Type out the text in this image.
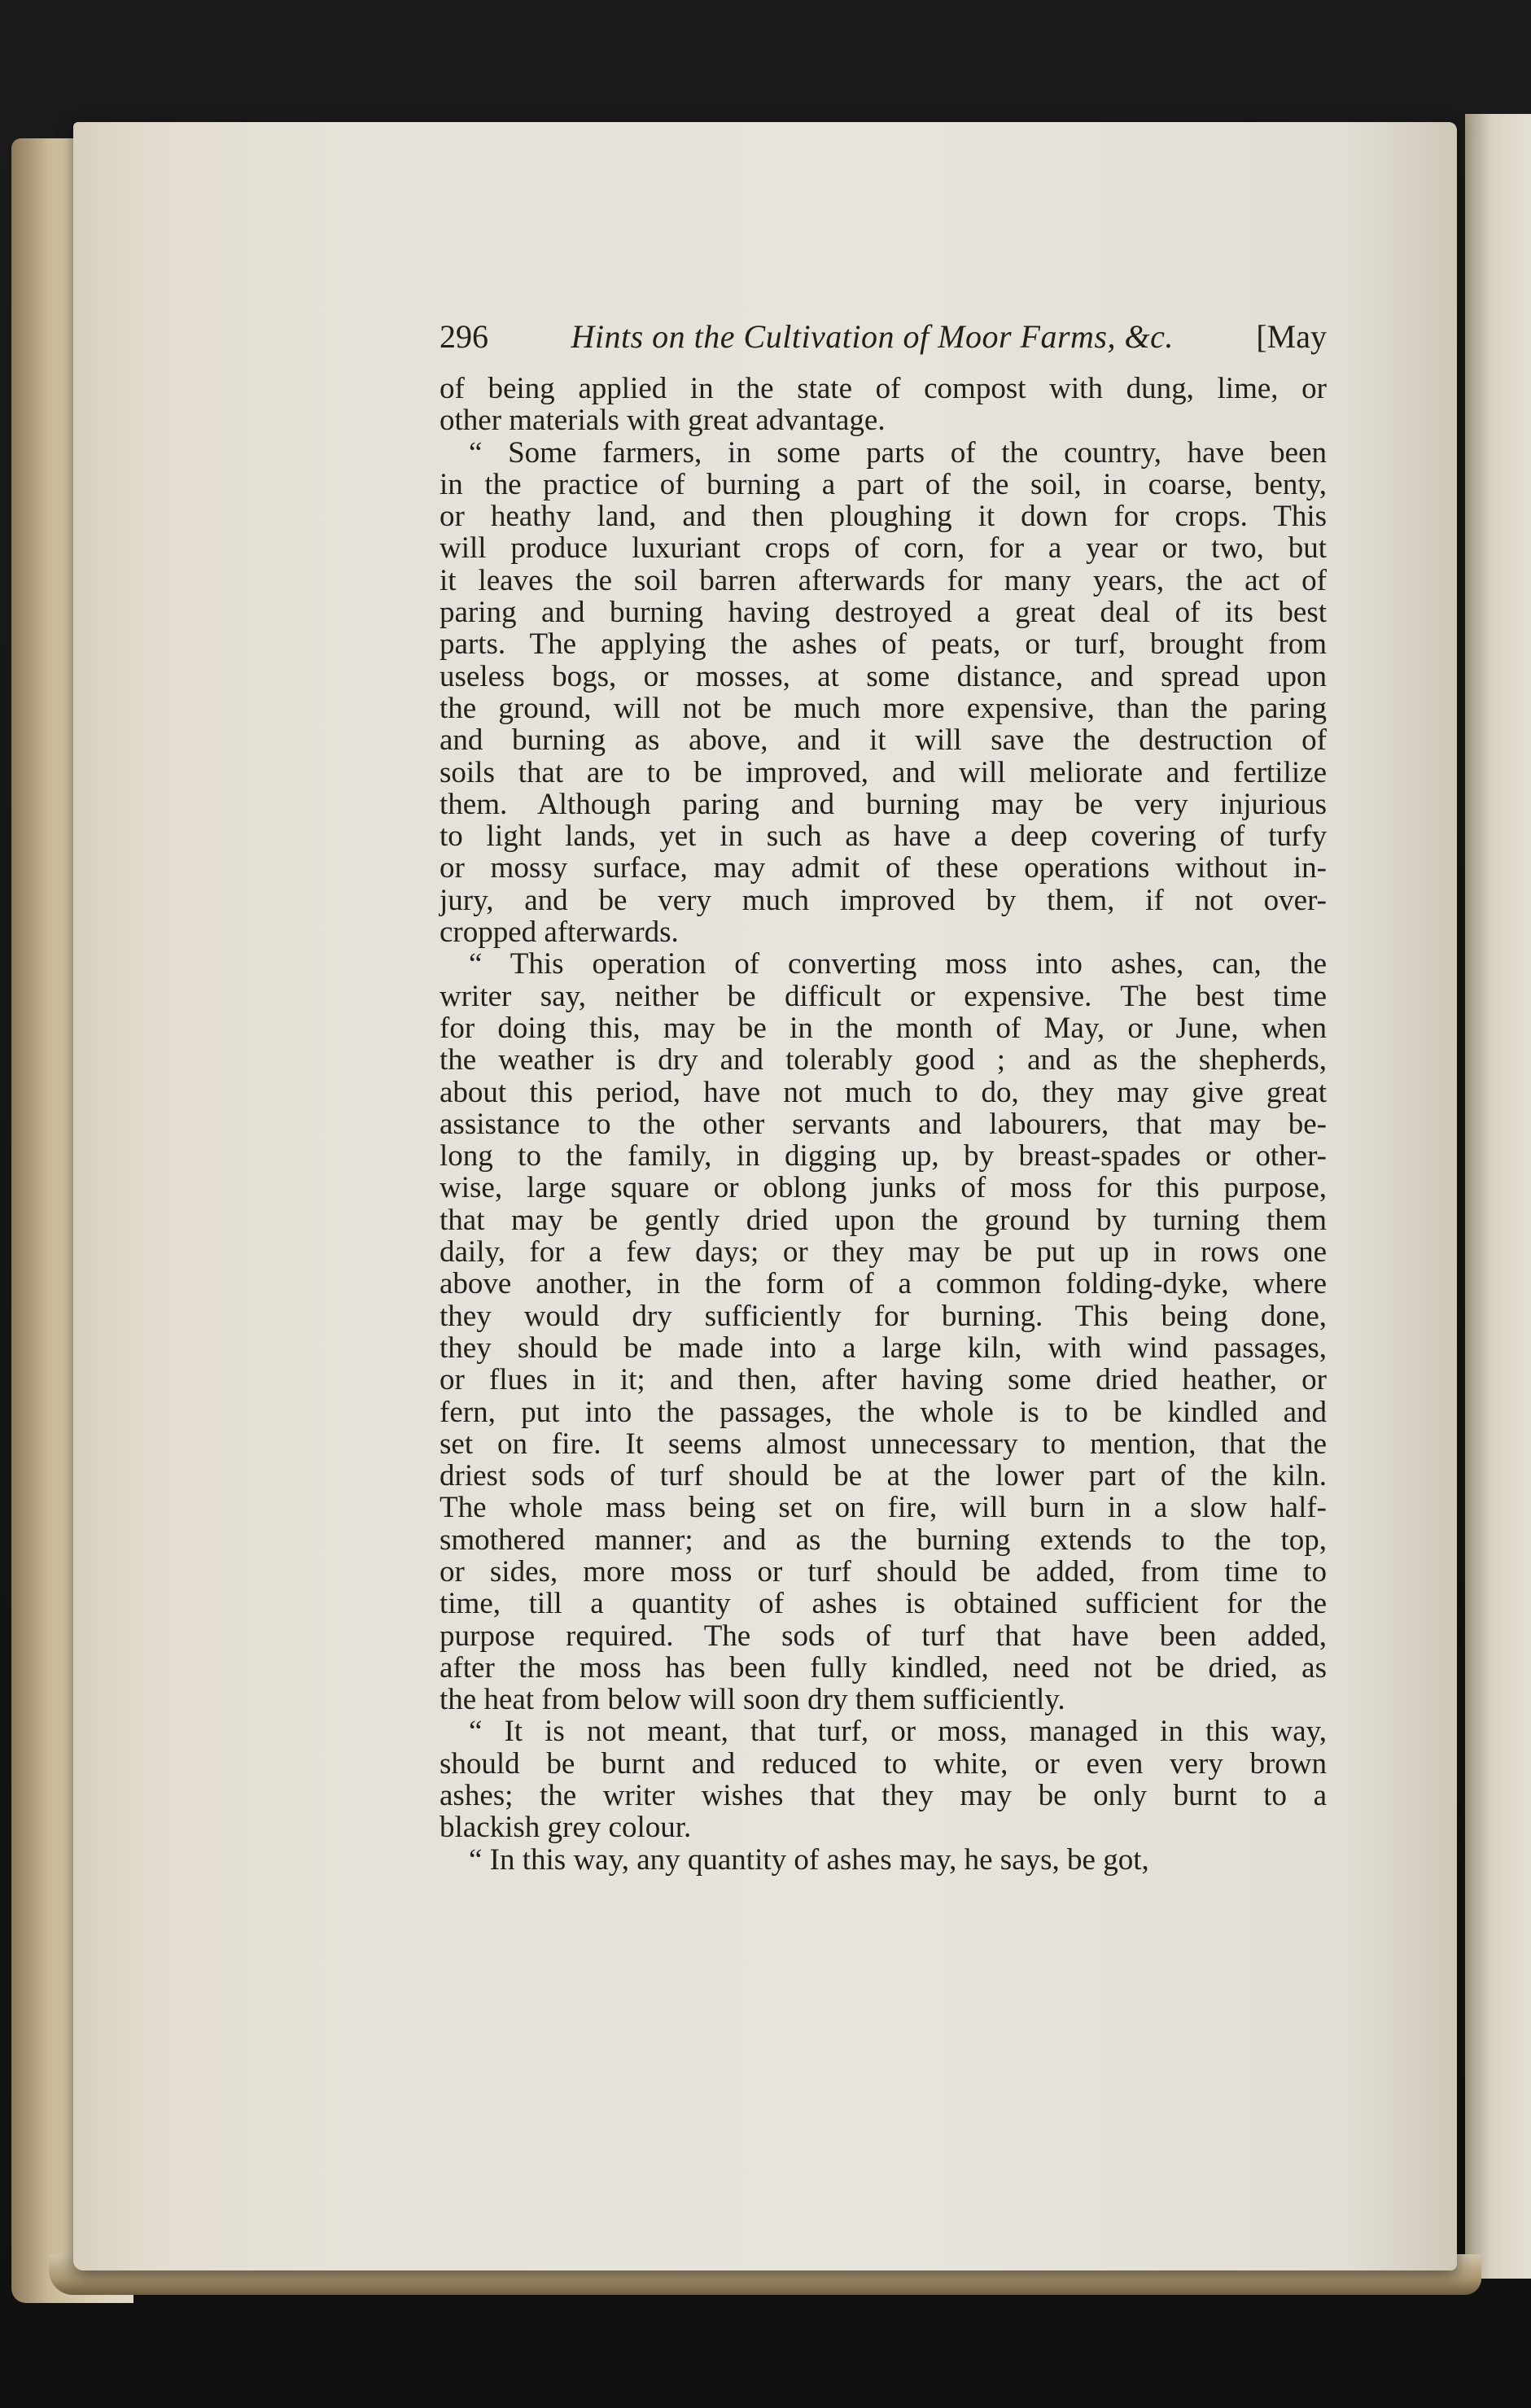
296	Hints on the Cultivation of Moor Farms, &c.	[May

of being applied in the state of compost with dung, lime, or
other materials with great advantage.

“ Some farmers, in some parts of the country, have been
in the practice of burning a part of the soil, in coarse, benty,
or heathy land, and then ploughing it down for crops. This
will produce luxuriant crops of corn, for a year or two, but
it leaves the soil barren afterwards for many years, the act of
paring and burning having destroyed a great deal of its best
parts. The applying the ashes of peats, or turf, brought from
useless bogs, or mosses, at some distance, and spread upon
the ground, will not be much more expensive, than the paring
and burning as above, and it will save the destruction of
soils that are to be improved, and will meliorate and fertilize
them. Although paring and burning may be very injurious
to light lands, yet in such as have a deep covering of turfy
or mossy surface, may admit of these operations without in-
jury, and be very much improved by them, if not over-
cropped afterwards.

“ This operation of converting moss into ashes, can, the
writer say, neither be difficult or expensive. The best time
for doing this, may be in the month of May, or June, when
the weather is dry and tolerably good ; and as the shepherds,
about this period, have not much to do, they may give great
assistance to the other servants and labourers, that may be-
long to the family, in digging up, by breast-spades or other-
wise, large square or oblong junks of moss for this purpose,
that may be gently dried upon the ground by turning them
daily, for a few days; or they may be put up in rows one
above another, in the form of a common folding-dyke, where
they would dry sufficiently for burning. This being done,
they should be made into a large kiln, with wind passages,
or flues in it; and then, after having some dried heather, or
fern, put into the passages, the whole is to be kindled and
set on fire. It seems almost unnecessary to mention, that the
driest sods of turf should be at the lower part of the kiln.
The whole mass being set on fire, will burn in a slow half-
smothered manner; and as the burning extends to the top,
or sides, more moss or turf should be added, from time to
time, till a quantity of ashes is obtained sufficient for the
purpose required. The sods of turf that have been added,
after the moss has been fully kindled, need not be dried, as
the heat from below will soon dry them sufficiently.

“ It is not meant, that turf, or moss, managed in this way,
should be burnt and reduced to white, or even very brown
ashes; the writer wishes that they may be only burnt to a
blackish grey colour.

“ In this way, any quantity of ashes may, he says, be got,
